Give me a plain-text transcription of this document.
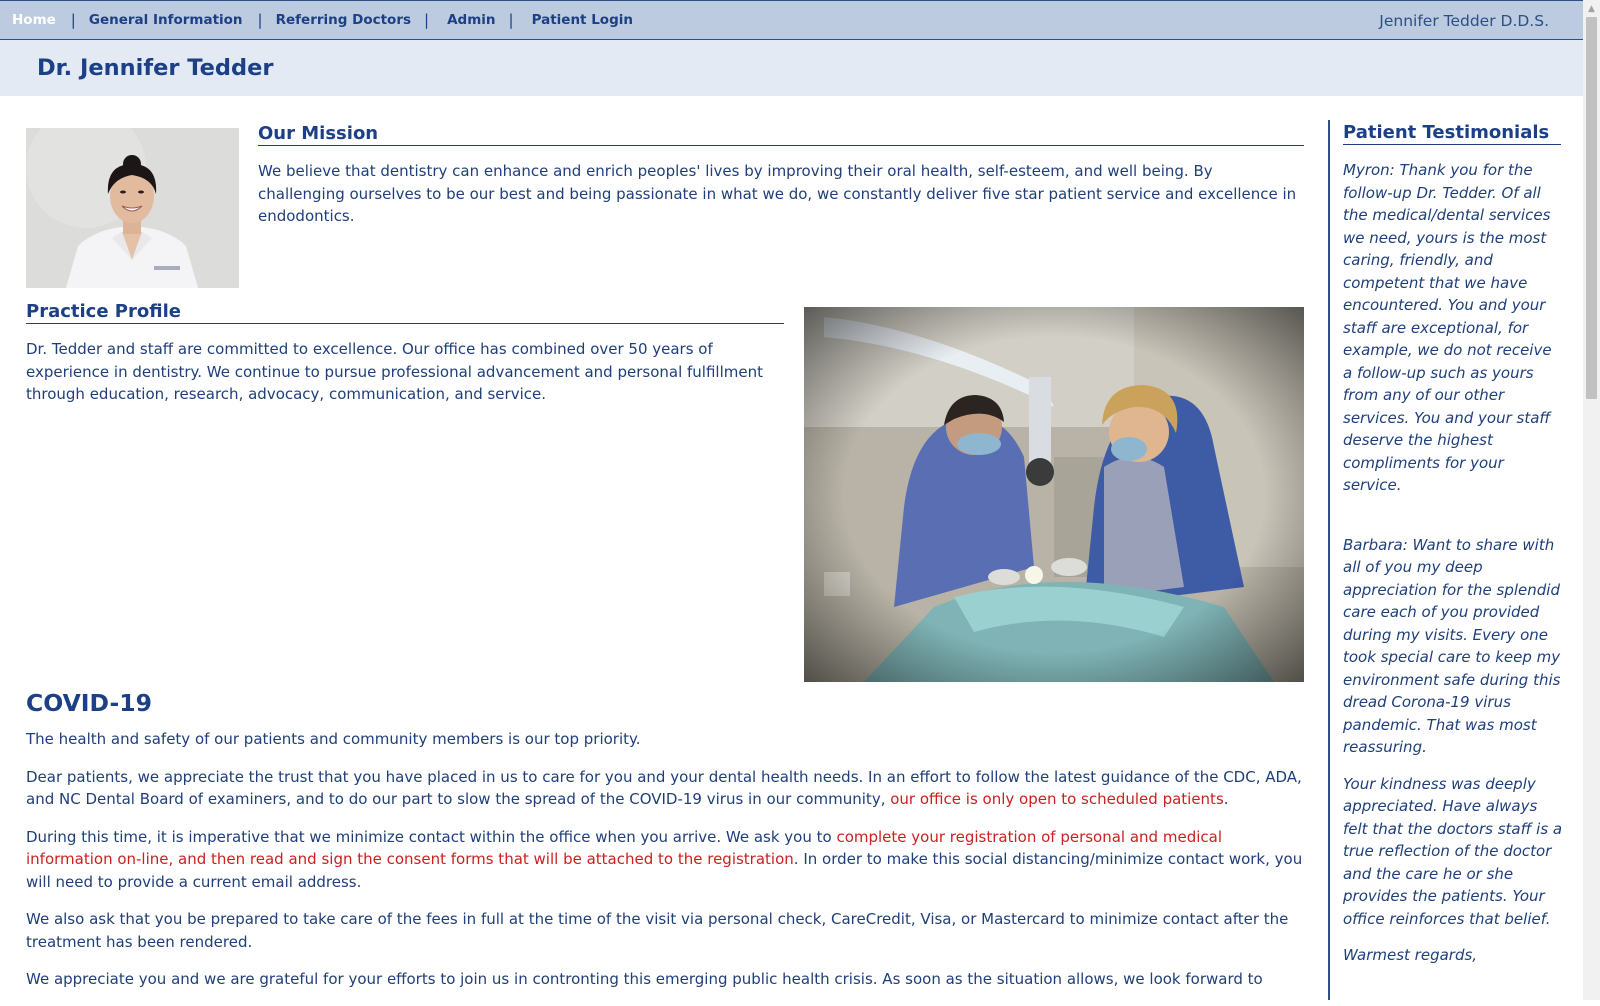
Home | General Information | Referring Doctors | Admin | Patient Login	Jennifer Tedder D.D.S.
Dr. Jennifer Tedder
Our Mission

We believe that dentistry can enhance and enrich peoples' lives by improving their oral health, self-esteem, and well being. By challenging ourselves to be our best and being passionate in what we do, we constantly deliver five star patient service and excellence in endodontics.

Practice Profile

Dr. Tedder and staff are committed to excellence. Our office has combined over 50 years of experience in dentistry. We continue to pursue professional advancement and personal fulfillment through education, research, advocacy, communication, and service.

COVID-19

The health and safety of our patients and community members is our top priority.

Dear patients, we appreciate the trust that you have placed in us to care for you and your dental health needs. In an effort to follow the latest guidance of the CDC, ADA, and NC Dental Board of examiners, and to do our part to slow the spread of the COVID-19 virus in our community, our office is only open to scheduled patients.

During this time, it is imperative that we minimize contact within the office when you arrive. We ask you to complete your registration of personal and medical information on-line, and then read and sign the consent forms that will be attached to the registration. In order to make this social distancing/minimize contact work, you will need to provide a current email address.

We also ask that you be prepared to take care of the fees in full at the time of the visit via personal check, CareCredit, Visa, or Mastercard to minimize contact after the treatment has been rendered.

We appreciate you and we are grateful for your efforts to join us in contronting this emerging public health crisis. As soon as the situation allows, we look forward to

Patient Testimonials

Myron: Thank you for the follow-up Dr. Tedder. Of all the medical/dental services we need, yours is the most caring, friendly, and competent that we have encountered. You and your staff are exceptional, for example, we do not receive a follow-up such as yours from any of our other services. You and your staff deserve the highest compliments for your service.

Barbara: Want to share with all of you my deep appreciation for the splendid care each of you provided during my visits. Every one took special care to keep my environment safe during this dread Corona-19 virus pandemic. That was most reassuring.

Your kindness was deeply appreciated. Have always felt that the doctors staff is a true reflection of the doctor and the care he or she provides the patients. Your office reinforces that belief.

Warmest regards,

▲
